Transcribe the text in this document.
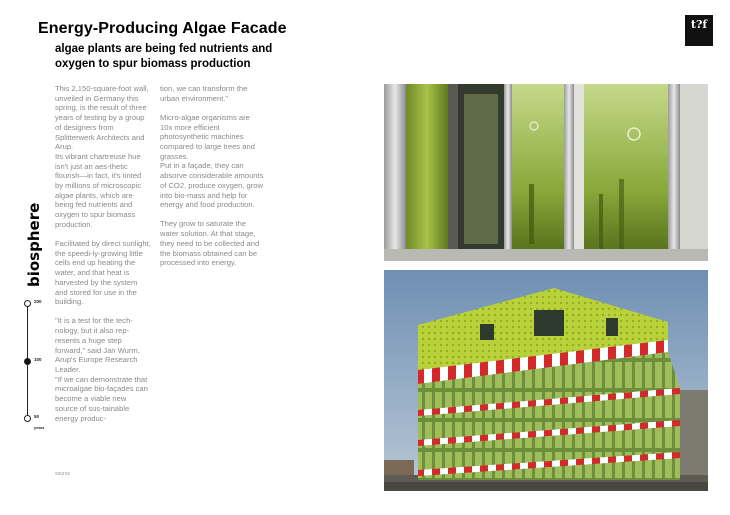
Energy-Producing Algae Facade
algae plants are being fed nutrients and oxygen to spur biomass production
t?f

This 2,150-square-foot wall, unveiled in Germany this spring, is the result of three years of testing by a group of designers from Splitterwerk Architects and Arup.

Its vibrant chartreuse hue isn't just an aes-thetic flourish—in fact, it's tinted by millions of microscopic algae plants, which are being fed nutrients and oxygen to spur biomass production.

Facilitated by direct sunlight, the speedi-ly-growing little cells end up heating the water, and that heat is harvested by the system and stored for use in the building.

"It is a test for the tech-nology, but it also rep-resents a huge step forward," said Jan Wurm, Arup's Europe Research Leader.

"If we can demonstrate that microalgae bio-façades can become a viable new source of sus-tainable energy produc-

tion, we can transform the urban environment."

Micro-algae organisms are 10x more efficient photosynthetic machines compared to large trees and grasses.

Put in a façade, they can absorve considerable amounts of CO2, produce oxygen, grow into bio-mass and help for energy and food production.

They grow to saturate the water solution. At that stage, they need to be collected and the biomass obtained can be processed into energy.

source
biosphere
200
100
50
years
